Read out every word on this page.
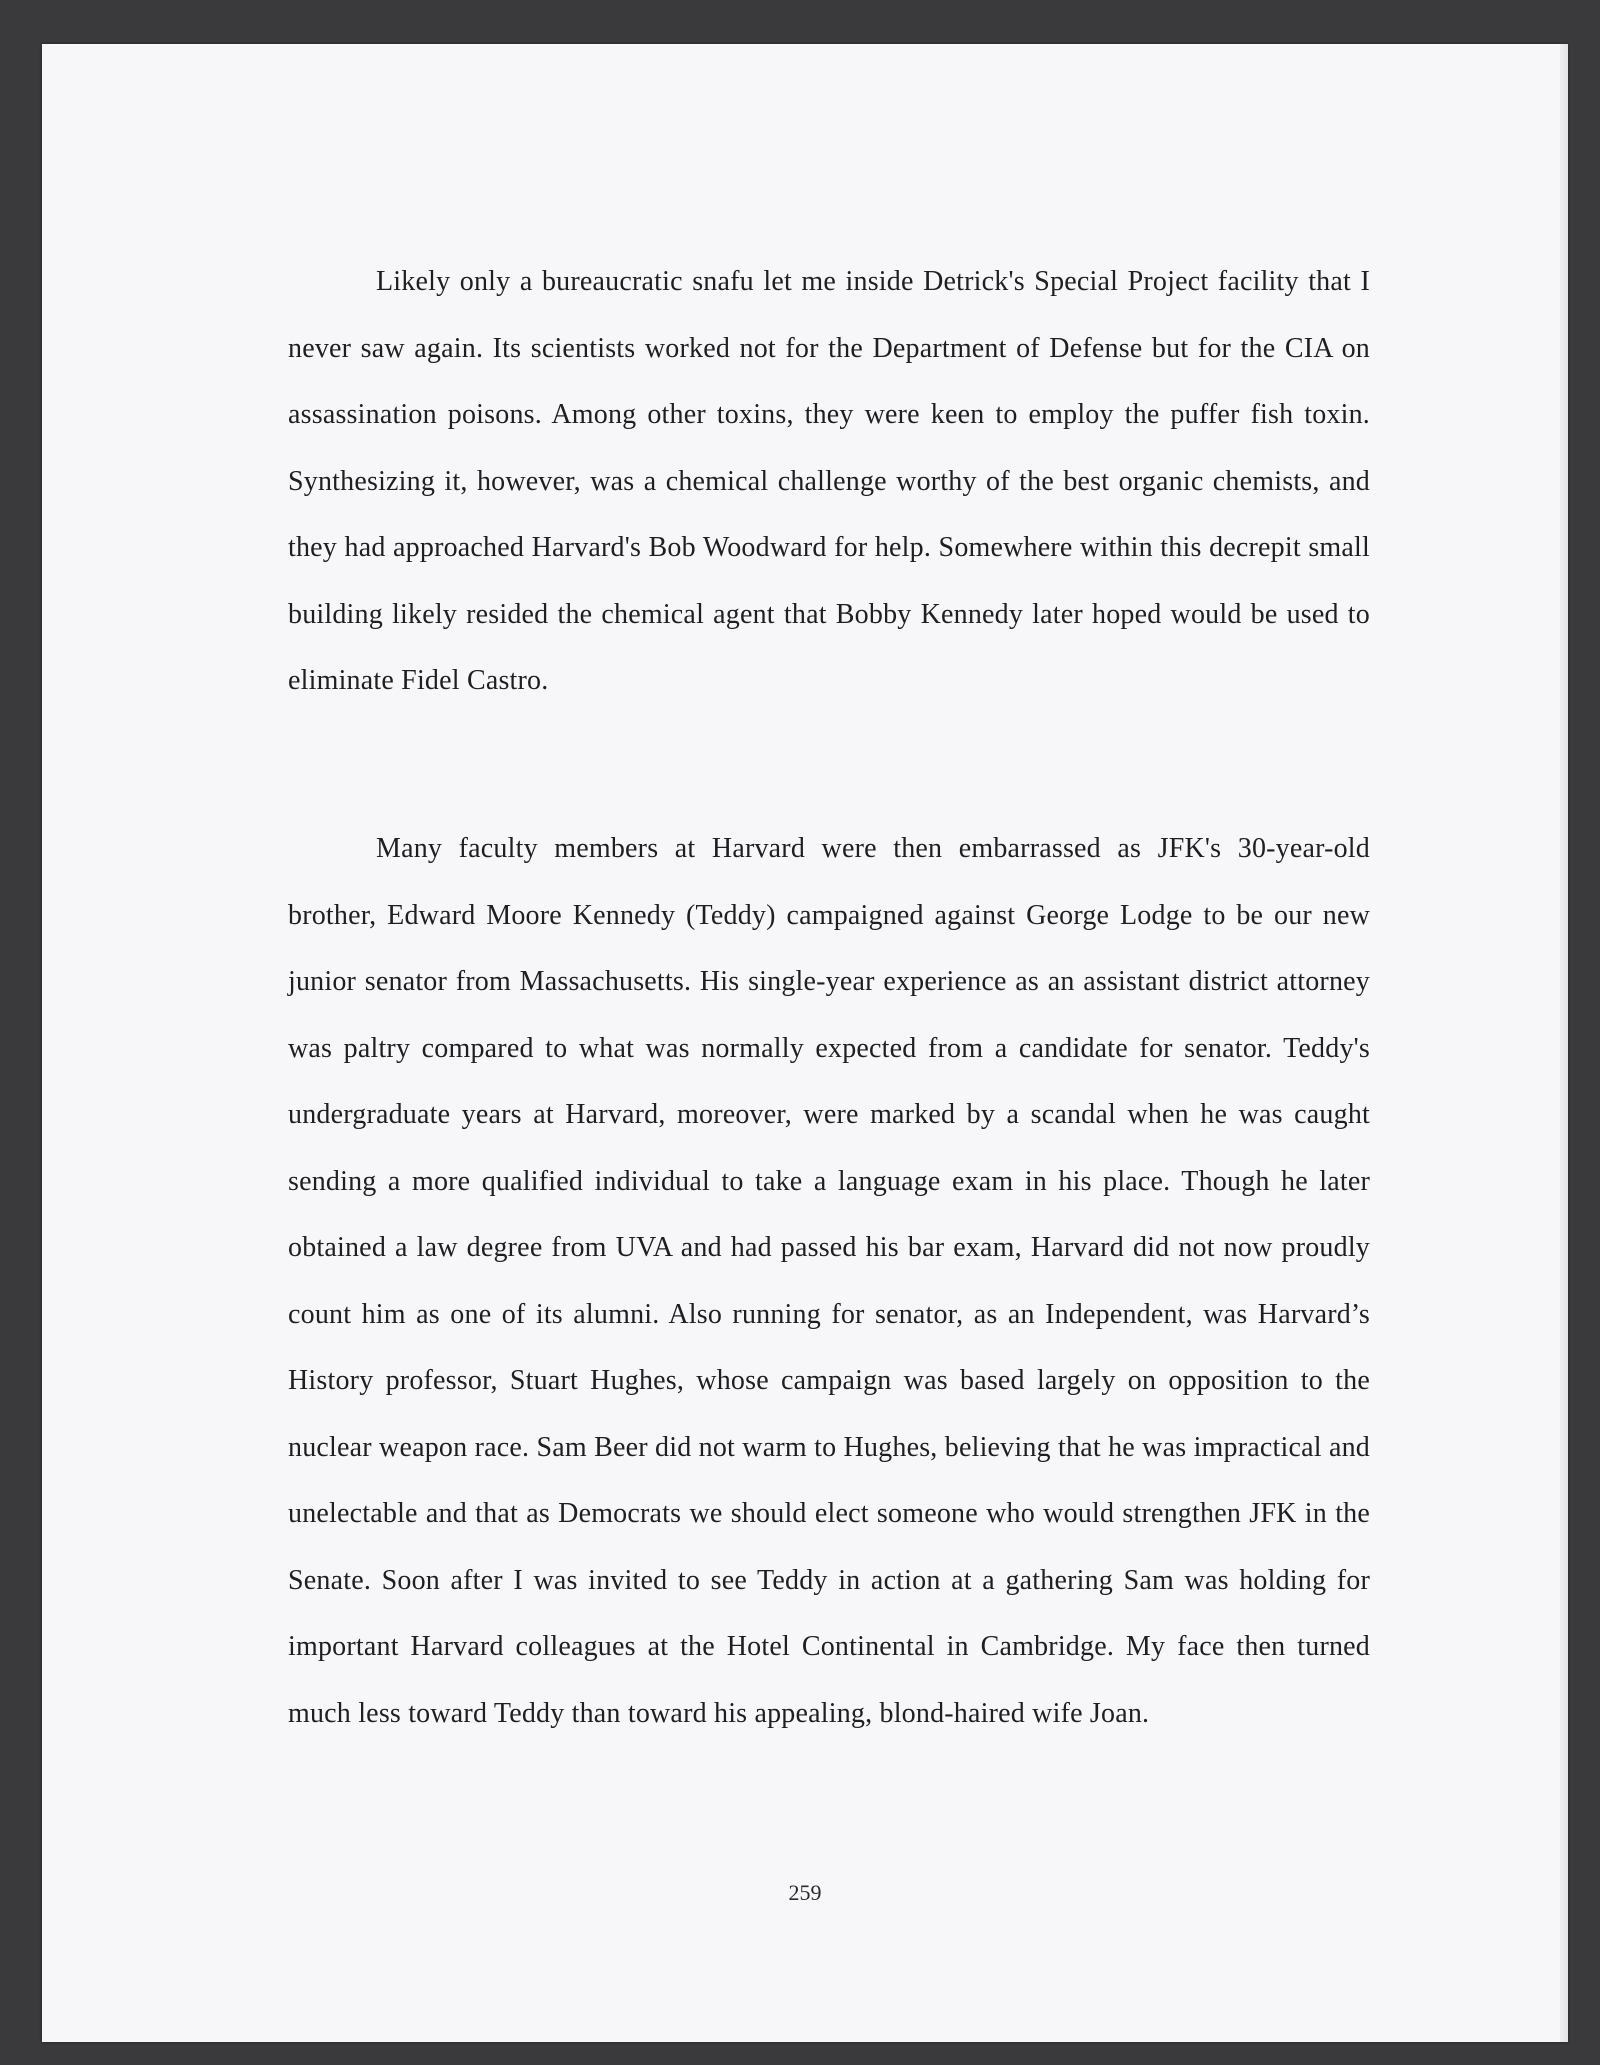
Likely only a bureaucratic snafu let me inside Detrick's Special Project facility that I never saw again. Its scientists worked not for the Department of Defense but for the CIA on assassination poisons. Among other toxins, they were keen to employ the puffer fish toxin. Synthesizing it, however, was a chemical challenge worthy of the best organic chemists, and they had approached Harvard's Bob Woodward for help. Somewhere within this decrepit small building likely resided the chemical agent that Bobby Kennedy later hoped would be used to eliminate Fidel Castro.

Many faculty members at Harvard were then embarrassed as JFK's 30-year-old brother, Edward Moore Kennedy (Teddy) campaigned against George Lodge to be our new junior senator from Massachusetts. His single-year experience as an assistant district attorney was paltry compared to what was normally expected from a candidate for senator. Teddy's undergraduate years at Harvard, moreover, were marked by a scandal when he was caught sending a more qualified individual to take a language exam in his place. Though he later obtained a law degree from UVA and had passed his bar exam, Harvard did not now proudly count him as one of its alumni. Also running for senator, as an Independent, was Harvard’s History professor, Stuart Hughes, whose campaign was based largely on opposition to the nuclear weapon race. Sam Beer did not warm to Hughes, believing that he was impractical and unelectable and that as Democrats we should elect someone who would strengthen JFK in the Senate. Soon after I was invited to see Teddy in action at a gathering Sam was holding for important Harvard colleagues at the Hotel Continental in Cambridge. My face then turned much less toward Teddy than toward his appealing, blond-haired wife Joan.

259
